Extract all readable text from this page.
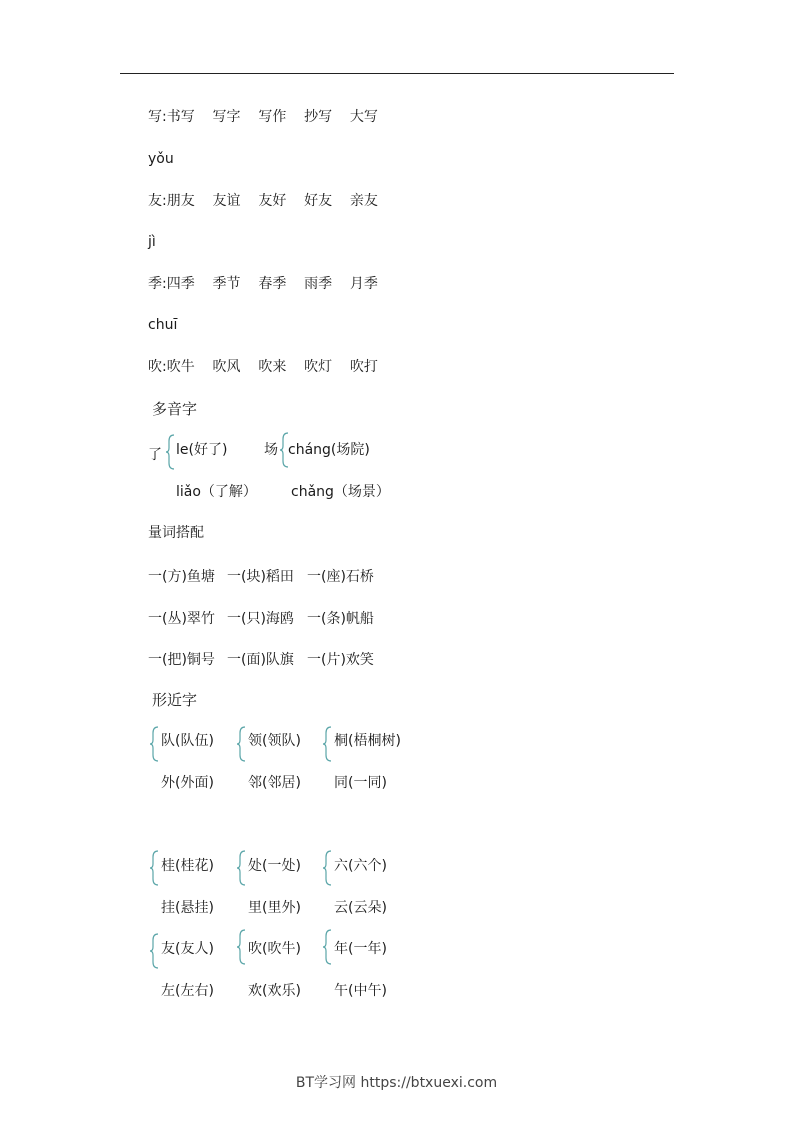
写:书写    写字    写作    抄写    大写
yǒu
友:朋友    友谊    友好    好友    亲友
jì
季:四季    季节    春季    雨季    月季
chuī
吹:吹牛    吹风    吹来    吹灯    吹打
多音字
了 le(好了)
liǎo（了解）
场 cháng(场院)
chǎng（场景）
量词搭配
一(方)鱼塘 一(块)稻田 一(座)石桥
一(丛)翠竹 一(只)海鸥 一(条)帆船
一(把)铜号 一(面)队旗 一(片)欢笑
形近字
队(队伍)
外(外面)
领(领队)
邻(邻居)
桐(梧桐树)
同(一同)
桂(桂花)
挂(悬挂)
处(一处)
里(里外)
六(六个)
云(云朵)
友(友人)
左(左右)
吹(吹牛)
欢(欢乐)
年(一年)
午(中午)
BT学习网 https://btxuexi.com
